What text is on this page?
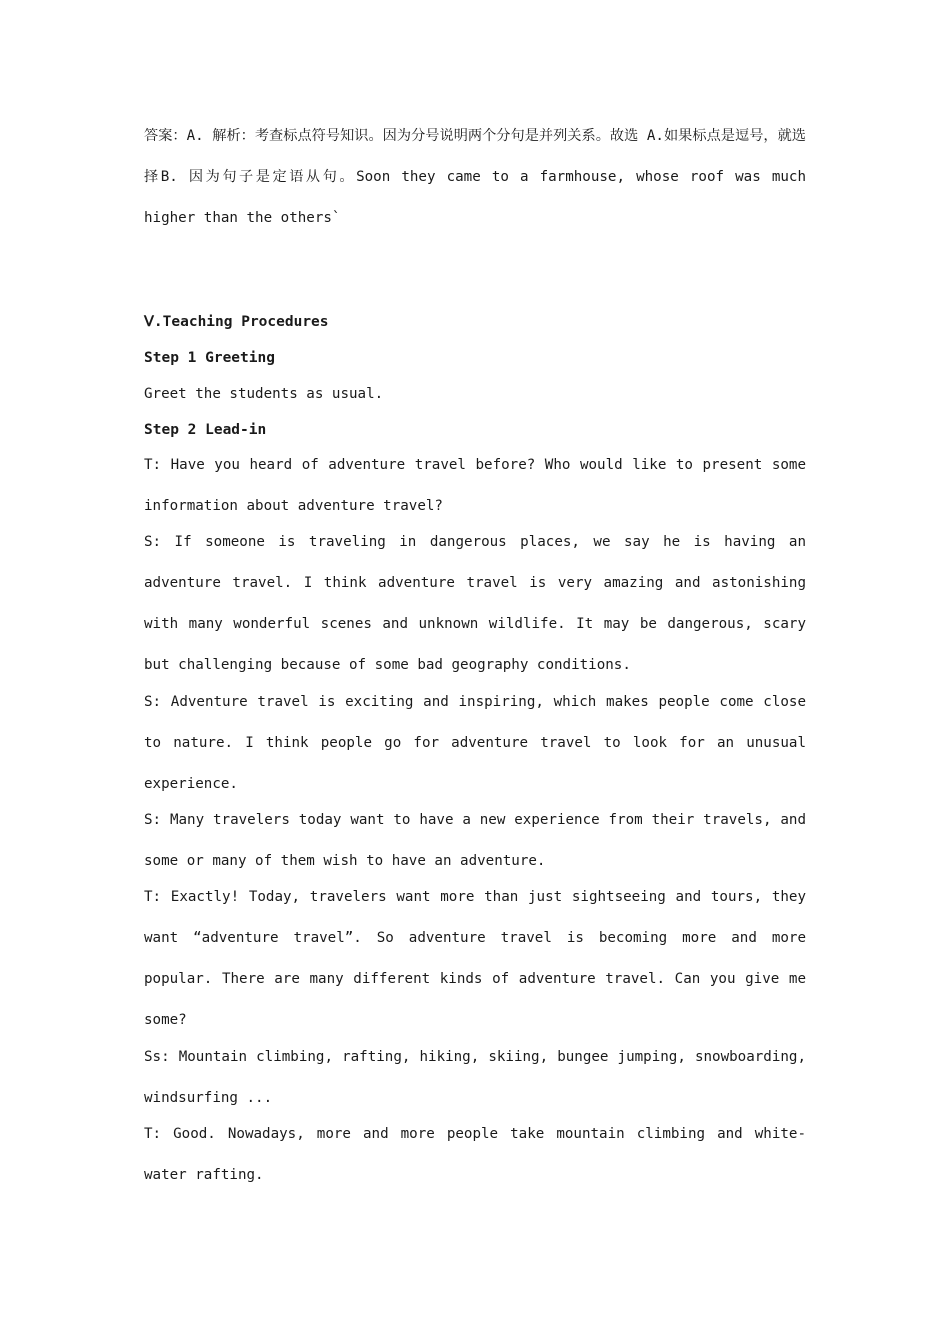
答案：A. 解析：考查标点符号知识。因为分号说明两个分句是并列关系。故选 A.如果标点是逗号，就选择B. 因为句子是定语从句。Soon they came to a farmhouse, whose roof was much higher than the others`
Ⅴ.Teaching Procedures
Step 1 Greeting
Greet the students as usual.
Step 2 Lead-in
T: Have you heard of adventure travel before? Who would like to present some information about adventure travel?
S: If someone is traveling in dangerous places, we say he is having an adventure travel. I think adventure travel is very amazing and astonishing with many wonderful scenes and unknown wildlife. It may be dangerous, scary but challenging because of some bad geography conditions.
S: Adventure travel is exciting and inspiring, which makes people come close to nature. I think people go for adventure travel to look for an unusual experience.
S: Many travelers today want to have a new experience from their travels, and some or many of them wish to have an adventure.
T: Exactly! Today, travelers want more than just sightseeing and tours, they want “adventure travel”. So adventure travel is becoming more and more popular. There are many different kinds of adventure travel. Can you give me some?
Ss: Mountain climbing, rafting, hiking, skiing, bungee jumping, snowboarding, windsurfing ...
T: Good. Nowadays, more and more people take mountain climbing and white-water rafting.
